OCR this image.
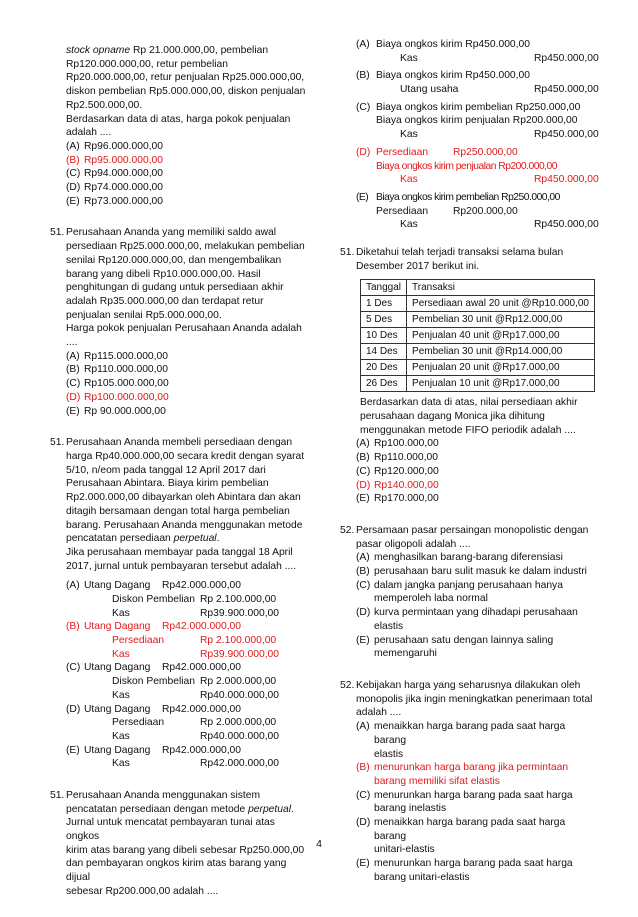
stock opname Rp 21.000.000,00, pembelian

Rp120.000.000,00, retur pembelian

Rp20.000.000,00, retur penjualan Rp25.000.000,00,

diskon pembelian Rp5.000.000,00, diskon penjualan

Rp2.500.000,00.

Berdasarkan data di atas, harga pokok penjualan

adalah ....

(A) Rp96.000.000,00
(B) Rp95.000.000,00
(C) Rp94.000.000,00
(D) Rp74.000.000,00
(E) Rp73.000.000,00
51. Perusahaan Ananda yang memiliki saldo awal

persediaan Rp25.000.000,00, melakukan pembelian

senilai Rp120.000.000,00, dan mengembalikan

barang yang dibeli Rp10.000.000,00. Hasil

penghitungan di gudang untuk persediaan akhir

adalah Rp35.000.000,00 dan terdapat retur

penjualan senilai Rp5.000.000,00.

Harga pokok penjualan Perusahaan Ananda adalah

....

(A) Rp115.000.000,00
(B) Rp110.000.000,00
(C) Rp105.000.000,00
(D) Rp100.000.000,00
(E) Rp 90.000.000,00
51. Perusahaan Ananda membeli persediaan dengan

harga Rp40.000.000,00 secara kredit dengan syarat

5/10, n/eom pada tanggal 12 April 2017 dari

Perusahaan Abintara. Biaya kirim pembelian

Rp2.000.000,00 dibayarkan oleh Abintara dan akan

ditagih bersamaan dengan total harga pembelian

barang. Perusahaan Ananda menggunakan metode

pencatatan persediaan perpetual.

Jika perusahaan membayar pada tanggal 18 April

2017, jurnal untuk pembayaran tersebut adalah ....

(A) Utang Dagang Rp42.000.000,00
Diskon Pembelian Rp 2.100.000,00
Kas	Rp39.900.000,00
(B) Utang Dagang Rp42.000.000,00
Persediaan	Rp 2.100.000,00
Kas	Rp39.900.000,00
(C) Utang Dagang Rp42.000.000,00
Diskon Pembelian Rp 2.000.000,00
Kas	Rp40.000.000,00
(D) Utang Dagang Rp42.000.000,00
Persediaan	Rp 2.000.000,00
Kas	Rp40.000.000,00
(E) Utang Dagang Rp42.000.000,00
Kas	Rp42.000.000,00
51. Perusahaan Ananda menggunakan sistem

pencatatan persediaan dengan metode perpetual.

Jurnal untuk mencatat pembayaran tunai atas ongkos

kirim atas barang yang dibeli sebesar Rp250.000,00

dan pembayaran ongkos kirim atas barang yang dijual

sebesar Rp200.000,00 adalah ....

(A) Biaya ongkos kirim Rp450.000,00
Kas	Rp450.000,00
(B) Biaya ongkos kirim Rp450.000,00
Utang usaha	Rp450.000,00
(C) Biaya ongkos kirim pembelian Rp250.000,00
Biaya ongkos kirim penjualan Rp200.000,00
Kas	Rp450.000,00
(D) Persediaan Rp250.000,00
Biaya ongkos kirim penjualan Rp200.000,00
Kas	Rp450.000,00
(E) Biaya ongkos kirim pembelian Rp250.000,00
Persediaan Rp200.000,00
Kas	Rp450.000,00
51. Diketahui telah terjadi transaksi selama bulan

Desember 2017 berikut ini.

Tanggal	Transaksi
1 Des	Persediaan awal 20 unit @Rp10.000,00
5 Des	Pembelian 30 unit @Rp12.000,00
10 Des	Penjualan 40 unit @Rp17.000,00
14 Des	Pembelian 30 unit @Rp14.000,00
20 Des	Penjualan 20 unit @Rp17.000,00
26 Des	Penjualan 10 unit @Rp17.000,00

Berdasarkan data di atas, nilai persediaan akhir

perusahaan dagang Monica jika dihitung

menggunakan metode FIFO periodik adalah ....

(A) Rp100.000,00
(B) Rp110.000,00
(C) Rp120.000,00
(D) Rp140.000,00
(E) Rp170.000,00
52. Persamaan pasar persaingan monopolistic dengan

pasar oligopoli adalah ....

(A) menghasilkan barang-barang diferensiasi
(B) perusahaan baru sulit masuk ke dalam industri
(C) dalam jangka panjang perusahaan hanya

memperoleh laba normal

(D) kurva permintaan yang dihadapi perusahaan

elastis

(E) perusahaan satu dengan lainnya saling

memengaruhi

52. Kebijakan harga yang seharusnya dilakukan oleh

monopolis jika ingin meningkatkan penerimaan total

adalah ....

(A) menaikkan harga barang pada saat harga barang

elastis

(B) menurunkan harga barang jika permintaan

barang memiliki sifat elastis

(C) menurunkan harga barang pada saat harga

barang inelastis

(D) menaikkan harga barang pada saat harga barang

unitari-elastis

(E) menurunkan harga barang pada saat harga

barang unitari-elastis

4
